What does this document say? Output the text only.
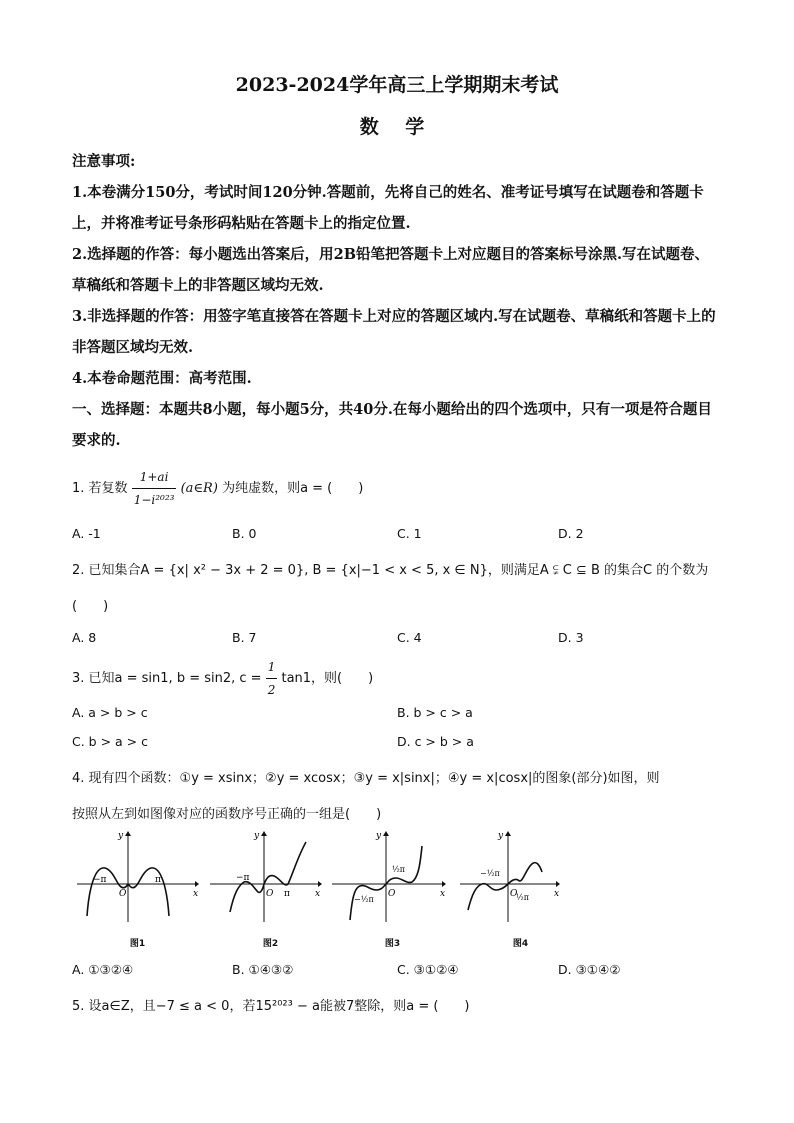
2023-2024学年高三上学期期末考试
数 学
注意事项:
1.本卷满分150分，考试时间120分钟.答题前，先将自己的姓名、准考证号填写在试题卷和答题卡上，并将准考证号条形码粘贴在答题卡上的指定位置.
2.选择题的作答：每小题选出答案后，用2B铅笔把答题卡上对应题目的答案标号涂黑.写在试题卷、草稿纸和答题卡上的非答题区域均无效.
3.非选择题的作答：用签字笔直接答在答题卡上对应的答题区域内.写在试题卷、草稿纸和答题卡上的非答题区域均无效.
4.本卷命题范围：高考范围.
一、选择题：本题共8小题，每小题5分，共40分.在每小题给出的四个选项中，只有一项是符合题目要求的.
1. 若复数 $\frac{1+ai}{\text{1−i²⁰²³}}$ (a∈R) 为纯虚数，则a = (　　)
A. -1	B. 0	C. 1	D. 2
2. 已知集合A = {x| x² − 3x + 2 = 0}, B = {x|−1 < x < 5, x ∈ N}，则满足A ⫋ C ⊆ B 的集合C 的个数为
(　　)
A. 8	B. 7	C. 4	D. 3
3. 已知a = sin1, b = sin2, $c = \frac{1}{2} \tan 1$，则(　　)
A. a > b > c	B. b > c > a
C. b > a > c	D. c > b > a
4. 现有四个函数：①y = xsinx；②y = xcosx；③y = x|sinx|；④y = x|cosx|的图象(部分)如图，则
按照从左到如图像对应的函数序号正确的一组是(　　)
x
y
O
−π	π
图1
x
y
O
−π
π
图2
x
y
O
½π
−½π
图3
x
y
O
−½π
½π
图4
A. ①③②④	B. ①④③②	C. ③①②④	D. ③①④②
5. 设a∈Z，且−7 ≤ a < 0，若15²⁰²³ − a能被7整除，则a = (　　)
